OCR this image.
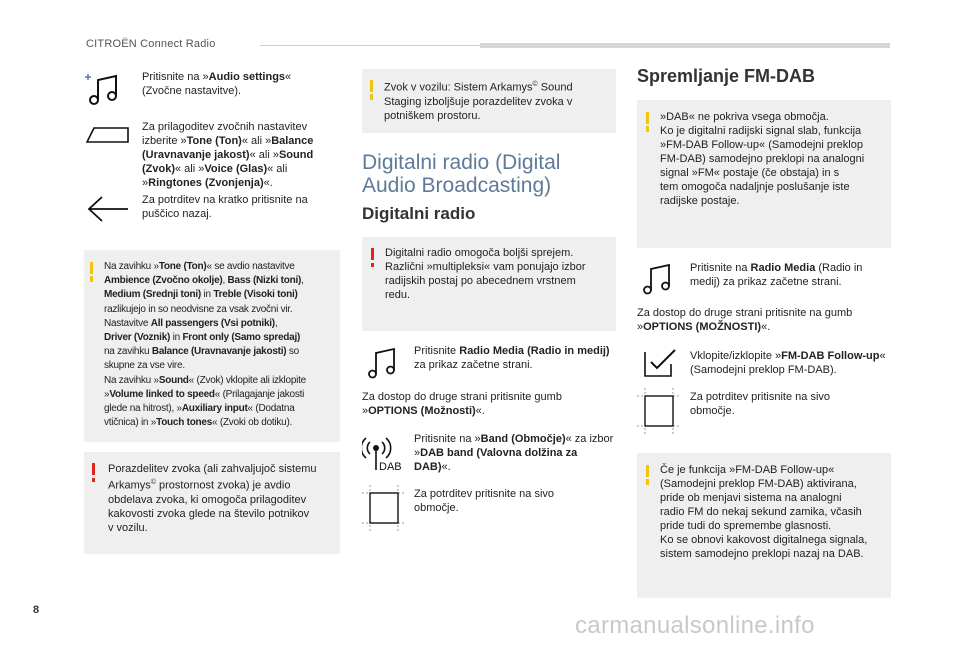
CITROËN Connect Radio
Pritisnite na »Audio settings« (Zvočne nastavitve).
Za prilagoditev zvočnih nastavitev izberite »Tone (Ton)« ali »Balance (Uravnavanje jakost)« ali »Sound (Zvok)« ali »Voice (Glas)« ali »Ringtones (Zvonjenja)«.
Za potrditev na kratko pritisnite na puščico nazaj.
Na zavihku »Tone (Ton)« se avdio nastavitve
Ambience (Zvočno okolje), Bass (Nizki toni),
Medium (Srednji toni) in Treble (Visoki toni)
razlikujejo in so neodvisne za vsak zvočni vir.
Nastavitve All passengers (Vsi potniki),
Driver (Voznik) in Front only (Samo spredaj)
na zavihku Balance (Uravnavanje jakosti) so
skupne za vse vire.
Na zavihku »Sound« (Zvok) vklopite ali izklopite
»Volume linked to speed« (Prilagajanje jakosti
glede na hitrost), »Auxiliary input« (Dodatna
vtičnica) in »Touch tones« (Zvoki ob dotiku).
Porazdelitev zvoka (ali zahvaljujoč sistemu
Arkamys© prostornost zvoka) je avdio
obdelava zvoka, ki omogoča prilagoditev
kakovosti zvoka glede na število potnikov
v vozilu.
Zvok v vozilu: Sistem Arkamys© Sound
Staging izboljšuje porazdelitev zvoka v
potniškem prostoru.
Digitalni radio (Digital
Audio Broadcasting)
Digitalni radio
Digitalni radio omogoča boljši sprejem.
Različni »multipleksi« vam ponujajo izbor
radijskih postaj po abecednem vrstnem
redu.
Pritisnite Radio Media (Radio in medij) za prikaz začetne strani.
Za dostop do druge strani pritisnite gumb
»OPTIONS (Možnosti)«.
DAB
Pritisnite na »Band (Območje)« za izbor »DAB band (Valovna dolžina za DAB)«.
Za potrditev pritisnite na sivo območje.
Spremljanje FM-DAB
»DAB« ne pokriva vsega območja.
Ko je digitalni radijski signal slab, funkcija
»FM-DAB Follow-up« (Samodejni preklop
FM-DAB) samodejno preklopi na analogni
signal »FM« postaje (če obstaja) in s
tem omogoča nadaljnje poslušanje iste
radijske postaje.
Pritisnite na Radio Media (Radio in medij) za prikaz začetne strani.
Za dostop do druge strani pritisnite na gumb
»OPTIONS (MOŽNOSTI)«.
Vklopite/izklopite »FM-DAB Follow-up« (Samodejni preklop FM-DAB).
Za potrditev pritisnite na sivo območje.
Če je funkcija »FM-DAB Follow-up«
(Samodejni preklop FM-DAB) aktivirana,
pride ob menjavi sistema na analogni
radio FM do nekaj sekund zamika, včasih
pride tudi do spremembe glasnosti.
Ko se obnovi kakovost digitalnega signala,
sistem samodejno preklopi nazaj na DAB.
8
carmanualsonline.info
